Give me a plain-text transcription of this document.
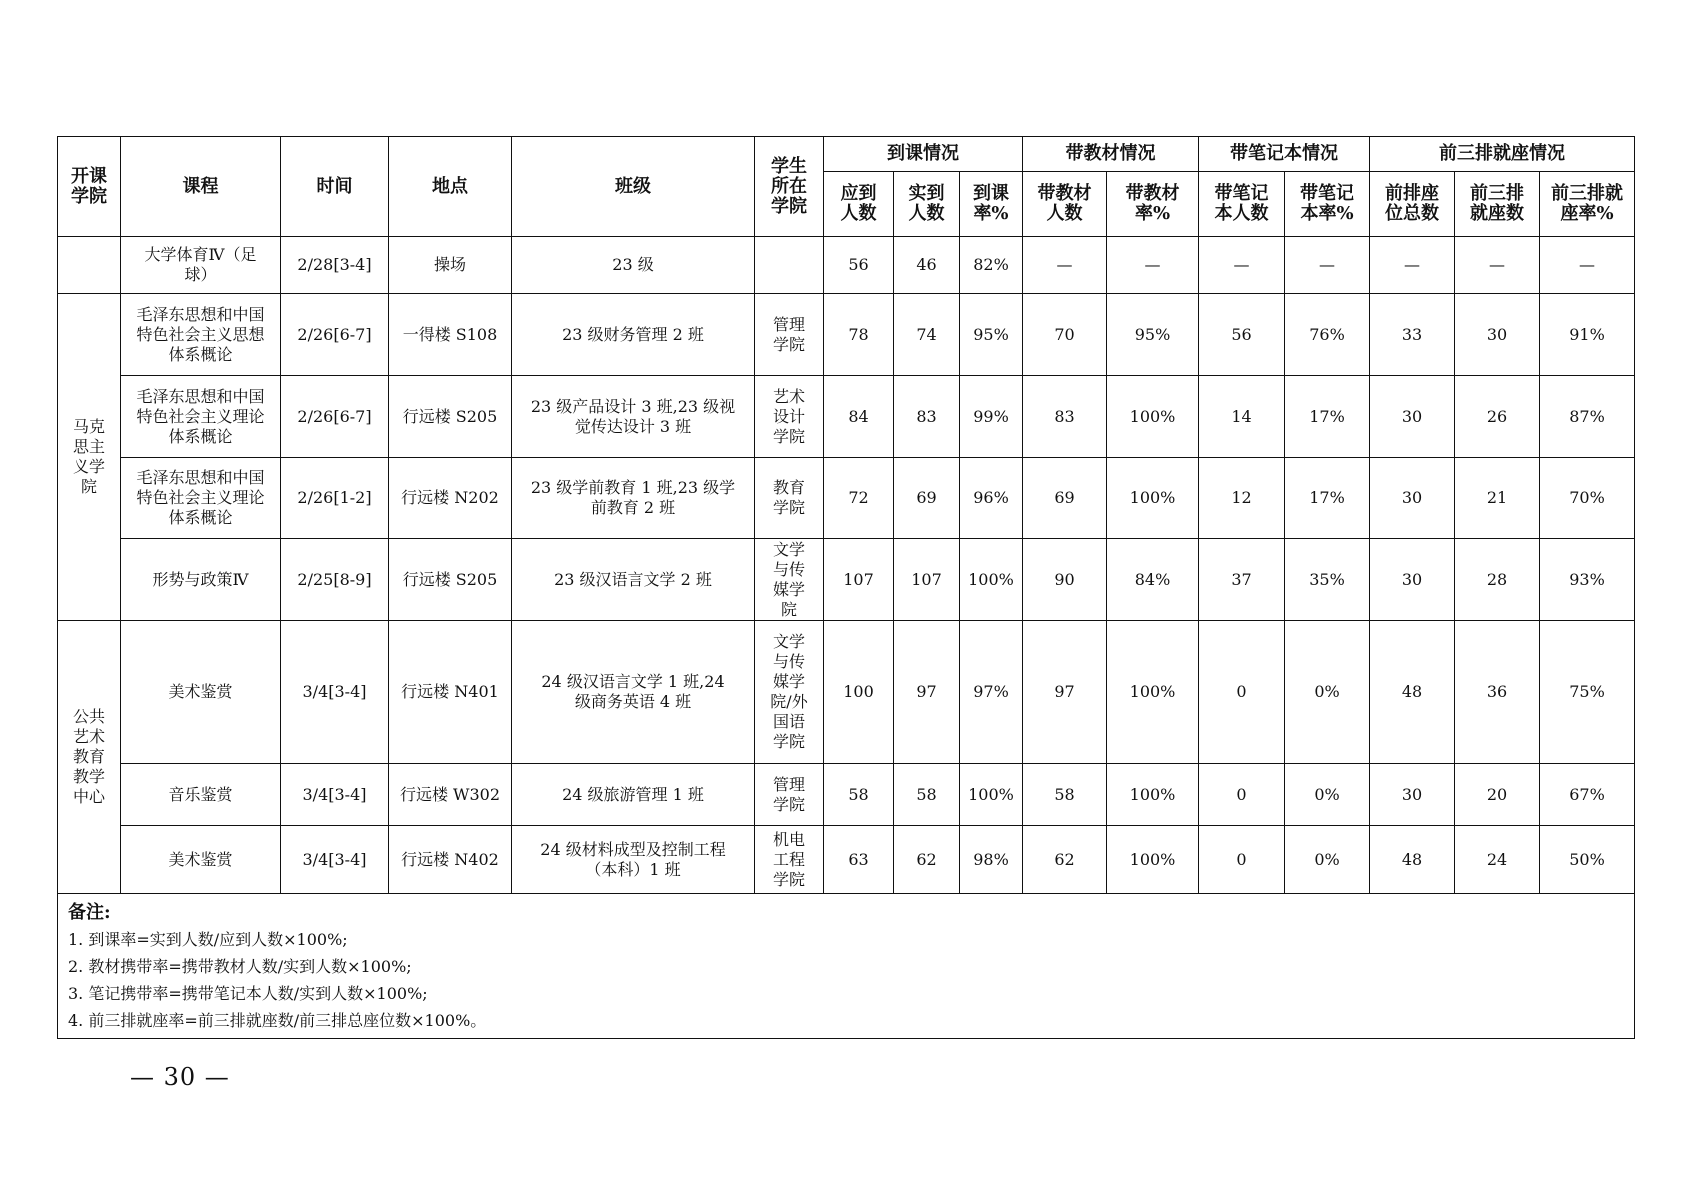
开课学院	课程	时间	地点	班级	学生所在学院	到课情况			带教材情况		带笔记本情况		前三排就座情况		
						应到人数	实到人数	到课率%	带教材人数	带教材率%	带笔记本人数	带笔记本率%	前排座位总数	前三排就座数	前三排就座率%
	大学体育Ⅳ（足球）	2/28[3-4]	操场	23 级		56	46	82%	—	—	—	—	—	—	—
马克思主义学院	毛泽东思想和中国特色社会主义思想体系概论	2/26[6-7]	一得楼 S108	23 级财务管理 2 班	管理学院	78	74	95%	70	95%	56	76%	33	30	91%
	毛泽东思想和中国特色社会主义理论体系概论	2/26[6-7]	行远楼 S205	23 级产品设计 3 班,23 级视觉传达设计 3 班	艺术设计学院	84	83	99%	83	100%	14	17%	30	26	87%
	毛泽东思想和中国特色社会主义理论体系概论	2/26[1-2]	行远楼 N202	23 级学前教育 1 班,23 级学前教育 2 班	教育学院	72	69	96%	69	100%	12	17%	30	21	70%
	形势与政策Ⅳ	2/25[8-9]	行远楼 S205	23 级汉语言文学 2 班	文学与传媒学院	107	107	100%	90	84%	37	35%	30	28	93%
公共艺术教育教学中心	美术鉴赏	3/4[3-4]	行远楼 N401	24 级汉语言文学 1 班,24 级商务英语 4 班	文学与传媒学院/外国语学院	100	97	97%	97	100%	0	0%	48	36	75%
	音乐鉴赏	3/4[3-4]	行远楼 W302	24 级旅游管理 1 班	管理学院	58	58	100%	58	100%	0	0%	30	20	67%
	美术鉴赏	3/4[3-4]	行远楼 N402	24 级材料成型及控制工程（本科）1 班	机电工程学院	63	62	98%	62	100%	0	0%	48	24	50%

备注:
1. 到课率=实到人数/应到人数×100%;
2. 教材携带率=携带教材人数/实到人数×100%;
3. 笔记携带率=携带笔记本人数/实到人数×100%;
4. 前三排就座率=前三排就座数/前三排总座位数×100%。															
— 30 —
